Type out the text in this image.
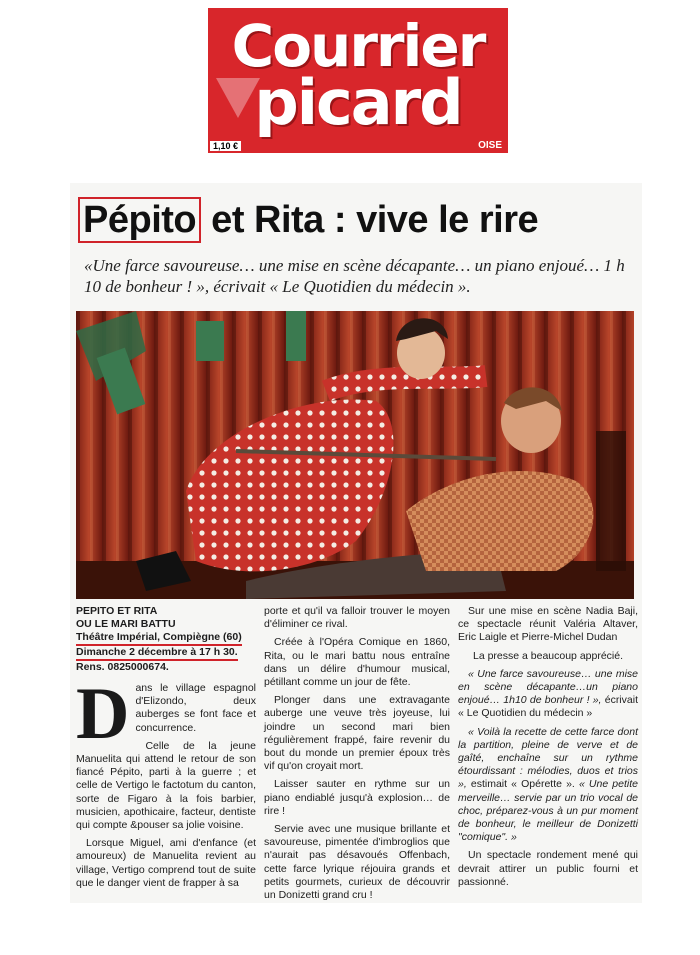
Courrier
picard
1,10 €	OISE
Pépito et Rita : vive le rire
«Une farce savoureuse… une mise en scène décapante… un piano enjoué… 1 h 10 de bonheur ! », écrivait « Le Quotidien du médecin ».
PEPITO ET RITA
OU LE MARI BATTU
Théâtre Impérial, Compiègne (60)
Dimanche 2 décembre à 17 h 30.
Rens. 0825000674.

Dans le village espagnol d'Elizondo, deux auberges se font face et concurrence.

Celle de la jeune Manuelita qui attend le retour de son fiancé Pépito, parti à la guerre ; et celle de Vertigo le factotum du canton, sorte de Figaro à la fois barbier, musicien, apothicaire, facteur, dentiste qui compte &pouser sa jolie voisine.

Lorsque Miguel, ami d'enfance (et amoureux) de Manuelita revient au village, Vertigo comprend tout de suite que le danger vient de frapper à sa

porte et qu'il va falloir trouver le moyen d'éliminer ce rival.

Créée à l'Opéra Comique en 1860, Rita, ou le mari battu nous entraîne dans un délire d'humour musical, pétillant comme un jour de fête.

Plonger dans une extravagante auberge une veuve très joyeuse, lui joindre un second mari bien régulièrement frappé, faire revenir du bout du monde un premier époux très vif qu'on croyait mort.

Laisser sauter en rythme sur un piano endiablé jusqu'à explosion… de rire !

Servie avec une musique brillante et savoureuse, pimentée d'imbroglios que n'aurait pas désavoués Offenbach, cette farce lyrique réjouira grands et petits gourmets, curieux de découvrir un Donizetti grand cru !

Sur une mise en scène Nadia Baji, ce spectacle réunit Valéria Altaver, Eric Laigle et Pierre-Michel Dudan

La presse a beaucoup apprécié.

« Une farce savoureuse… une mise en scène décapante…un piano enjoué… 1h10 de bonheur ! », écrivait « Le Quotidien du médecin »

« Voilà la recette de cette farce dont la partition, pleine de verve et de gaîté, enchaîne sur un rythme étourdissant : mélodies, duos et trios », estimait « Opérette ». « Une petite merveille… servie par un trio vocal de choc, préparez-vous à un pur moment de bonheur, le meilleur de Donizetti "comique". »

Un spectacle rondement mené qui devrait attirer un public fourni et passionné.
